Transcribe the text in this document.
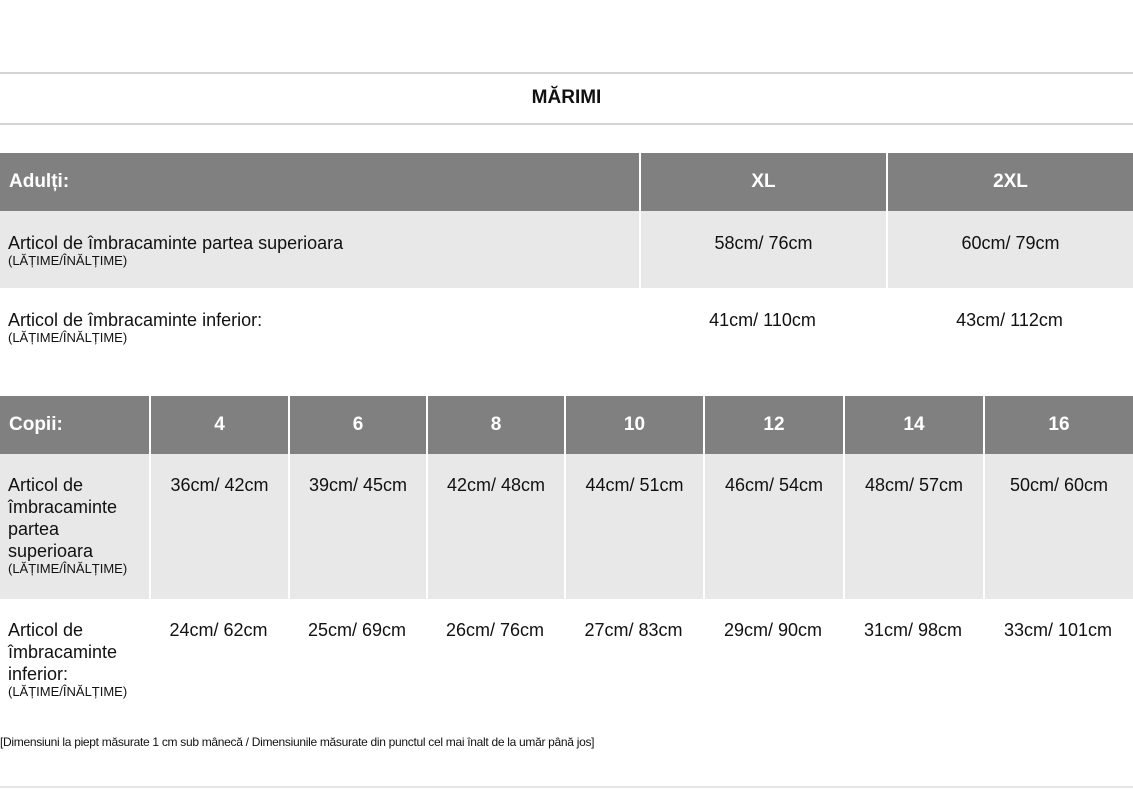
MĂRIMI
Adulți:	XL	2XL
Articol de îmbracaminte partea superioara
(LĂȚIME/ÎNĂLȚIME)	58cm/ 76cm	60cm/ 79cm
Articol de îmbracaminte inferior:
(LĂȚIME/ÎNĂLȚIME)	41cm/ 110cm	43cm/ 112cm
Copii:	4	6	8	10	12	14	16
Articol de îmbracaminte partea superioara
(LĂȚIME/ÎNĂLȚIME)	36cm/ 42cm	39cm/ 45cm	42cm/ 48cm	44cm/ 51cm	46cm/ 54cm	48cm/ 57cm	50cm/ 60cm
Articol de îmbracaminte inferior:
(LĂȚIME/ÎNĂLȚIME)	24cm/ 62cm	25cm/ 69cm	26cm/ 76cm	27cm/ 83cm	29cm/ 90cm	31cm/ 98cm	33cm/ 101cm
[Dimensiuni la piept măsurate 1 cm sub mânecă / Dimensiunile măsurate din punctul cel mai înalt de la umăr până jos]
